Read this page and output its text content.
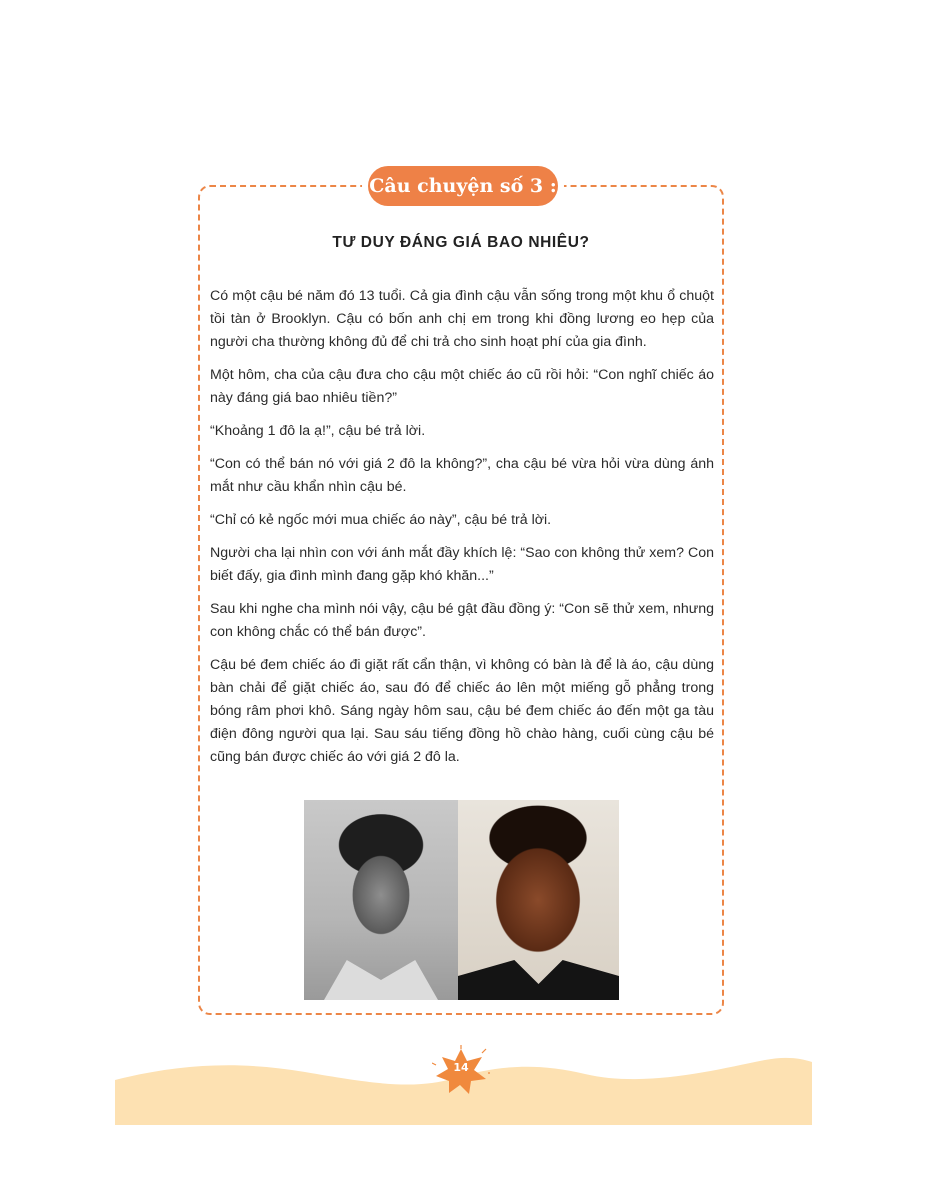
Câu chuyện số 3 :
TƯ DUY ĐÁNG GIÁ BAO NHIÊU?

Có một cậu bé năm đó 13 tuổi. Cả gia đình cậu vẫn sống trong một khu ổ chuột tồi tàn ở Brooklyn. Cậu có bốn anh chị em trong khi đồng lương eo hẹp của người cha thường không đủ để chi trả cho sinh hoạt phí của gia đình.

Một hôm, cha của cậu đưa cho cậu một chiếc áo cũ rồi hỏi: “Con nghĩ chiếc áo này đáng giá bao nhiêu tiền?”

“Khoảng 1 đô la ạ!”, cậu bé trả lời.

“Con có thể bán nó với giá 2 đô la không?”, cha cậu bé vừa hỏi vừa dùng ánh mắt như cầu khẩn nhìn cậu bé.

“Chỉ có kẻ ngốc mới mua chiếc áo này”, cậu bé trả lời.

Người cha lại nhìn con với ánh mắt đầy khích lệ: “Sao con không thử xem? Con biết đấy, gia đình mình đang gặp khó khăn...”

Sau khi nghe cha mình nói vậy, cậu bé gật đầu đồng ý: “Con sẽ thử xem, nhưng con không chắc có thể bán được”.

Cậu bé đem chiếc áo đi giặt rất cẩn thận, vì không có bàn là để là áo, cậu dùng bàn chải để giặt chiếc áo, sau đó để chiếc áo lên một miếng gỗ phẳng trong bóng râm phơi khô. Sáng ngày hôm sau, cậu bé đem chiếc áo đến một ga tàu điện đông người qua lại. Sau sáu tiếng đồng hồ chào hàng, cuối cùng cậu bé cũng bán được chiếc áo với giá 2 đô la.

14
